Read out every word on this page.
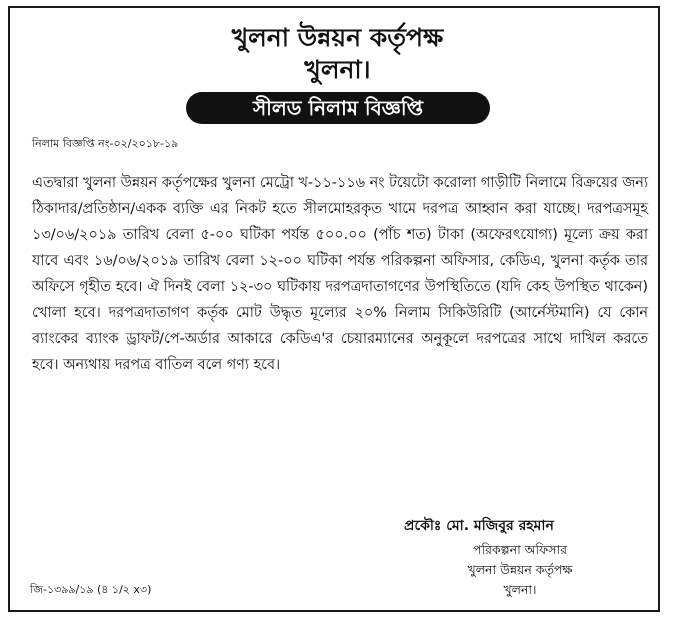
খুলনা উন্নয়ন কর্তৃপক্ষ
খুলনা।
সীলড নিলাম বিজ্ঞপ্তি
নিলাম বিজ্ঞপ্তি নং-০২/২০১৮-১৯
এতদ্বারা খুলনা উন্নয়ন কর্তৃপক্ষের খুলনা মেট্রো খ-১১-১১৬ নং টয়েটো করোলা গাড়ীটি নিলামে বিক্রয়ের জন্য ঠিকাদার/প্রতিষ্ঠান/একক ব্যক্তি এর নিকট হতে সীলমোহরকৃত খামে দরপত্র আহ্বান করা যাচ্ছে। দরপত্রসমূহ ১৩/০৬/২০১৯ তারিখ বেলা ৫-০০ ঘটিকা পর্যন্ত ৫০০.০০ (পাঁচ শত) টাকা (অফেরৎযোগ্য) মূল্যে ক্রয় করা যাবে এবং ১৬/০৬/২০১৯ তারিখ বেলা ১২-০০ ঘটিকা পর্যন্ত পরিকল্পনা অফিসার, কেডিএ, খুলনা কর্তৃক তার অফিসে গৃহীত হবে। ঐ দিনই বেলা ১২-৩০ ঘটিকায় দরপত্রদাতাগণের উপস্থিতিতে (যদি কেহ উপস্থিত থাকেন) খোলা হবে। দরপত্রদাতাগণ কর্তৃক মোট উদ্ধৃত মূল্যের ২০% নিলাম সিকিউরিটি (আর্নেস্টমানি) যে কোন ব্যাংকের ব্যাংক ড্রাফট/পে-অর্ডার আকারে কেডিএ'র চেয়ারম্যানের অনুকূলে দরপত্রের সাথে দাখিল করতে হবে। অন্যথায় দরপত্র বাতিল বলে গণ্য হবে।
প্রকৌঃ মো. মজিবুর রহমান
পরিকল্পনা অফিসার
খুলনা উন্নয়ন কর্তৃপক্ষ
খুলনা।
জি-১৩৯৯/১৯ (৪ ১/২ x৩)
